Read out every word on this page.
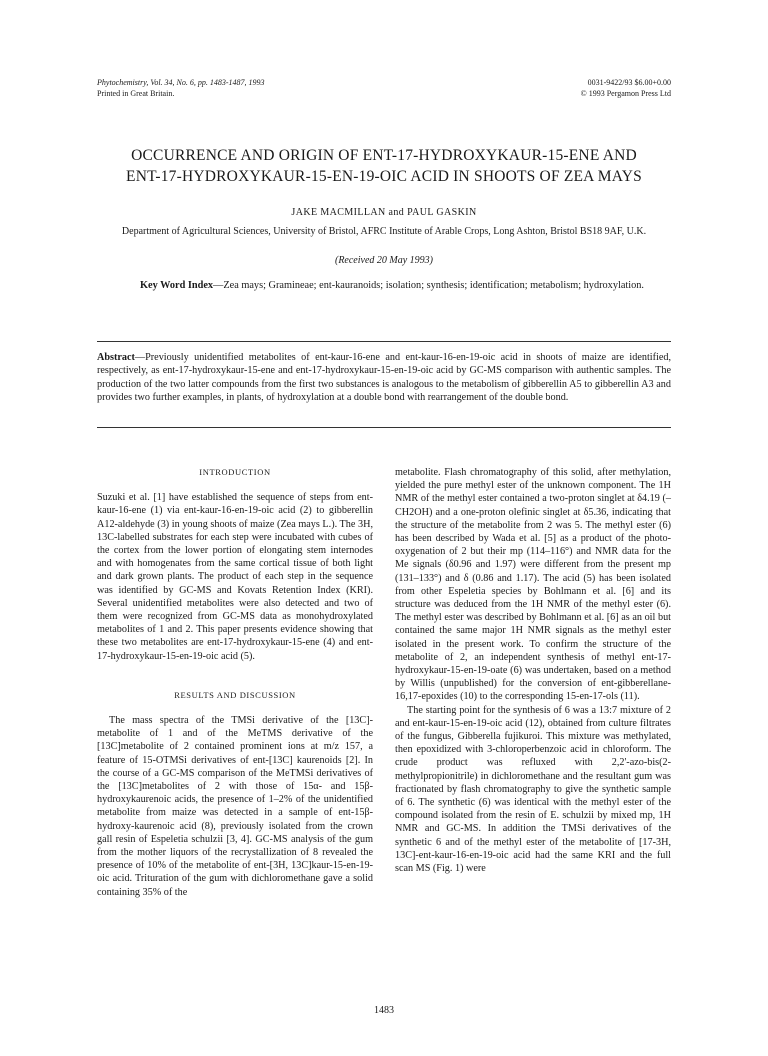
Phytochemistry, Vol. 34, No. 6, pp. 1483-1487, 1993
Printed in Great Britain.
0031-9422/93 $6.00+0.00
© 1993 Pergamon Press Ltd
OCCURRENCE AND ORIGIN OF ENT-17-HYDROXYKAUR-15-ENE AND
ENT-17-HYDROXYKAUR-15-EN-19-OIC ACID IN SHOOTS OF ZEA MAYS
JAKE MACMILLAN and PAUL GASKIN
Department of Agricultural Sciences, University of Bristol, AFRC Institute of Arable Crops, Long Ashton, Bristol BS18 9AF, U.K.
(Received 20 May 1993)
Key Word Index—Zea mays; Gramineae; ent-kauranoids; isolation; synthesis; identification; metabolism; hydroxylation.
Abstract—Previously unidentified metabolites of ent-kaur-16-ene and ent-kaur-16-en-19-oic acid in shoots of maize are identified, respectively, as ent-17-hydroxykaur-15-ene and ent-17-hydroxykaur-15-en-19-oic acid by GC-MS comparison with authentic samples. The production of the two latter compounds from the first two substances is analogous to the metabolism of gibberellin A5 to gibberellin A3 and provides two further examples, in plants, of hydroxylation at a double bond with rearrangement of the double bond.
INTRODUCTION

Suzuki et al. [1] have established the sequence of steps from ent-kaur-16-ene (1) via ent-kaur-16-en-19-oic acid (2) to gibberellin A12-aldehyde (3) in young shoots of maize (Zea mays L.). The 3H, 13C-labelled substrates for each step were incubated with cubes of the cortex from the lower portion of elongating stem internodes and with homogenates from the same cortical tissue of both light and dark grown plants. The product of each step in the sequence was identified by GC-MS and Kovats Retention Index (KRI). Several unidentified metabolites were also detected and two of them were recognized from GC-MS data as monohydroxylated metabolites of 1 and 2. This paper presents evidence showing that these two metabolites are ent-17-hydroxykaur-15-ene (4) and ent-17-hydroxykaur-15-en-19-oic acid (5).

RESULTS AND DISCUSSION

The mass spectra of the TMSi derivative of the [13C]-metabolite of 1 and of the MeTMS derivative of the [13C]metabolite of 2 contained prominent ions at m/z 157, a feature of 15-OTMSi derivatives of ent-[13C] kaurenoids [2]. In the course of a GC-MS comparison of the MeTMSi derivatives of the [13C]metabolites of 2 with those of 15α- and 15β-hydroxykaurenoic acids, the presence of 1–2% of the unidentified metabolite from maize was detected in a sample of ent-15β-hydroxy-kaurenoic acid (8), previously isolated from the crown gall resin of Espeletia schulzii [3, 4]. GC-MS analysis of the gum from the mother liquors of the recrystallization of 8 revealed the presence of 10% of the metabolite of ent-[3H, 13C]kaur-15-en-19-oic acid. Trituration of the gum with dichloromethane gave a solid containing 35% of the

metabolite. Flash chromatography of this solid, after methylation, yielded the pure methyl ester of the unknown component. The 1H NMR of the methyl ester contained a two-proton singlet at δ4.19 (–CH2OH) and a one-proton olefinic singlet at δ5.36, indicating that the structure of the metabolite from 2 was 5. The methyl ester (6) has been described by Wada et al. [5] as a product of the photo-oxygenation of 2 but their mp (114–116°) and NMR data for the Me signals (δ0.96 and 1.97) were different from the present mp (131–133°) and δ (0.86 and 1.17). The acid (5) has been isolated from other Espeletia species by Bohlmann et al. [6] and its structure was deduced from the 1H NMR of the methyl ester (6). The methyl ester was described by Bohlmann et al. [6] as an oil but contained the same major 1H NMR signals as the methyl ester isolated in the present work. To confirm the structure of the metabolite of 2, an independent synthesis of methyl ent-17-hydroxykaur-15-en-19-oate (6) was undertaken, based on a method by Willis (unpublished) for the conversion of ent-gibberellane-16,17-epoxides (10) to the corresponding 15-en-17-ols (11).

The starting point for the synthesis of 6 was a 13:7 mixture of 2 and ent-kaur-15-en-19-oic acid (12), obtained from culture filtrates of the fungus, Gibberella fujikuroi. This mixture was methylated, then epoxidized with 3-chloroperbenzoic acid in chloroform. The crude product was refluxed with 2,2'-azo-bis(2-methylpropionitrile) in dichloromethane and the resultant gum was fractionated by flash chromatography to give the synthetic sample of 6. The synthetic (6) was identical with the methyl ester of the compound isolated from the resin of E. schulzii by mixed mp, 1H NMR and GC-MS. In addition the TMSi derivatives of the synthetic 6 and of the methyl ester of the metabolite of [17-3H, 13C]-ent-kaur-16-en-19-oic acid had the same KRI and the full scan MS (Fig. 1) were

1483
